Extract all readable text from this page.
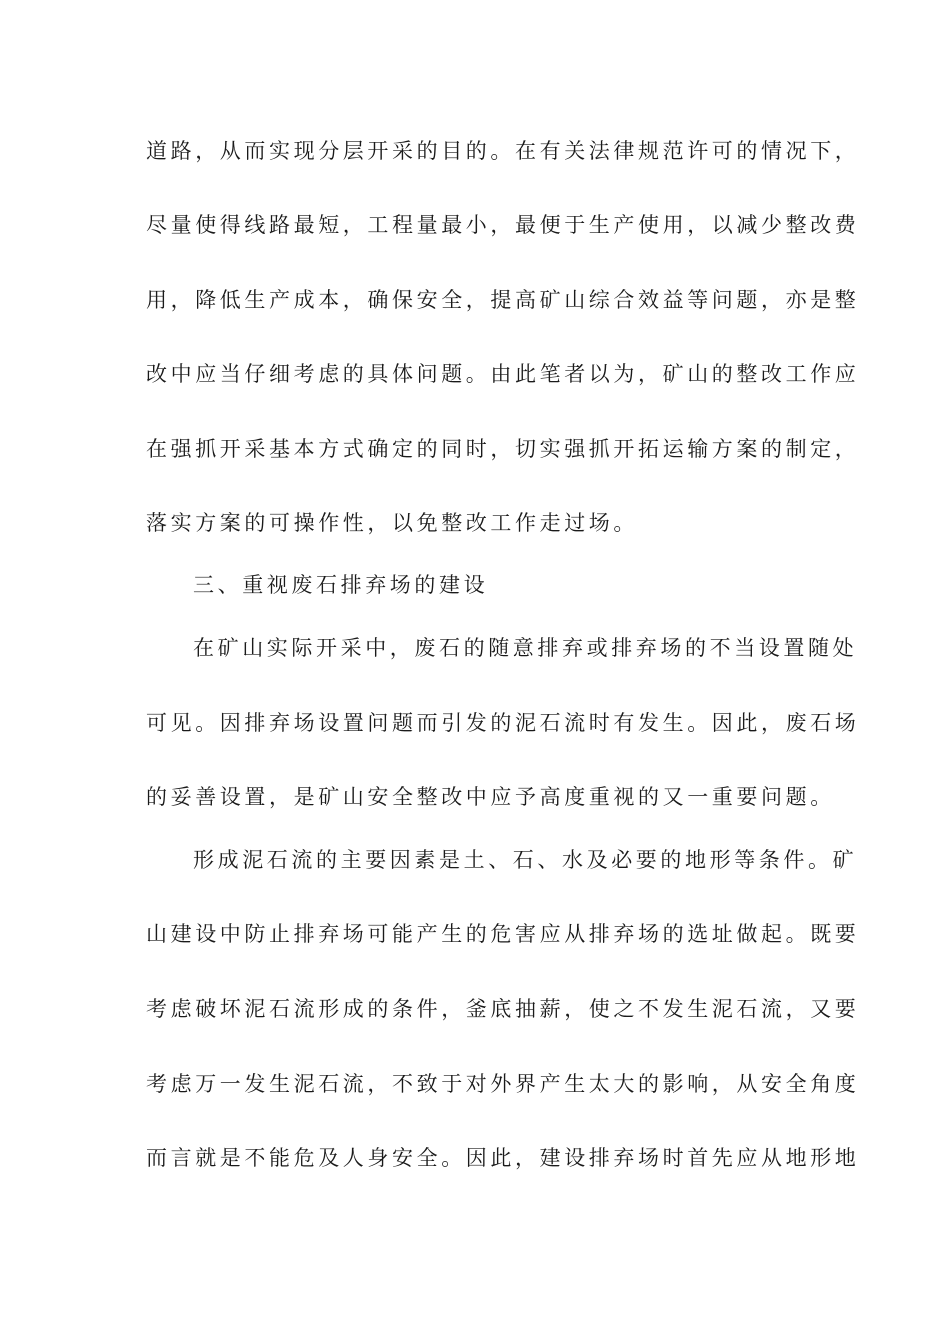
道路，从而实现分层开采的目的。在有关法律规范许可的情况下，
尽量使得线路最短，工程量最小，最便于生产使用，以减少整改费
用，降低生产成本，确保安全，提高矿山综合效益等问题，亦是整
改中应当仔细考虑的具体问题。由此笔者以为，矿山的整改工作应
在强抓开采基本方式确定的同时，切实强抓开拓运输方案的制定，
落实方案的可操作性，以免整改工作走过场。
三、重视废石排弃场的建设
在矿山实际开采中，废石的随意排弃或排弃场的不当设置随处
可见。因排弃场设置问题而引发的泥石流时有发生。因此，废石场
的妥善设置，是矿山安全整改中应予高度重视的又一重要问题。
形成泥石流的主要因素是土、石、水及必要的地形等条件。矿
山建设中防止排弃场可能产生的危害应从排弃场的选址做起。既要
考虑破坏泥石流形成的条件，釜底抽薪，使之不发生泥石流，又要
考虑万一发生泥石流，不致于对外界产生太大的影响，从安全角度
而言就是不能危及人身安全。因此，建设排弃场时首先应从地形地
